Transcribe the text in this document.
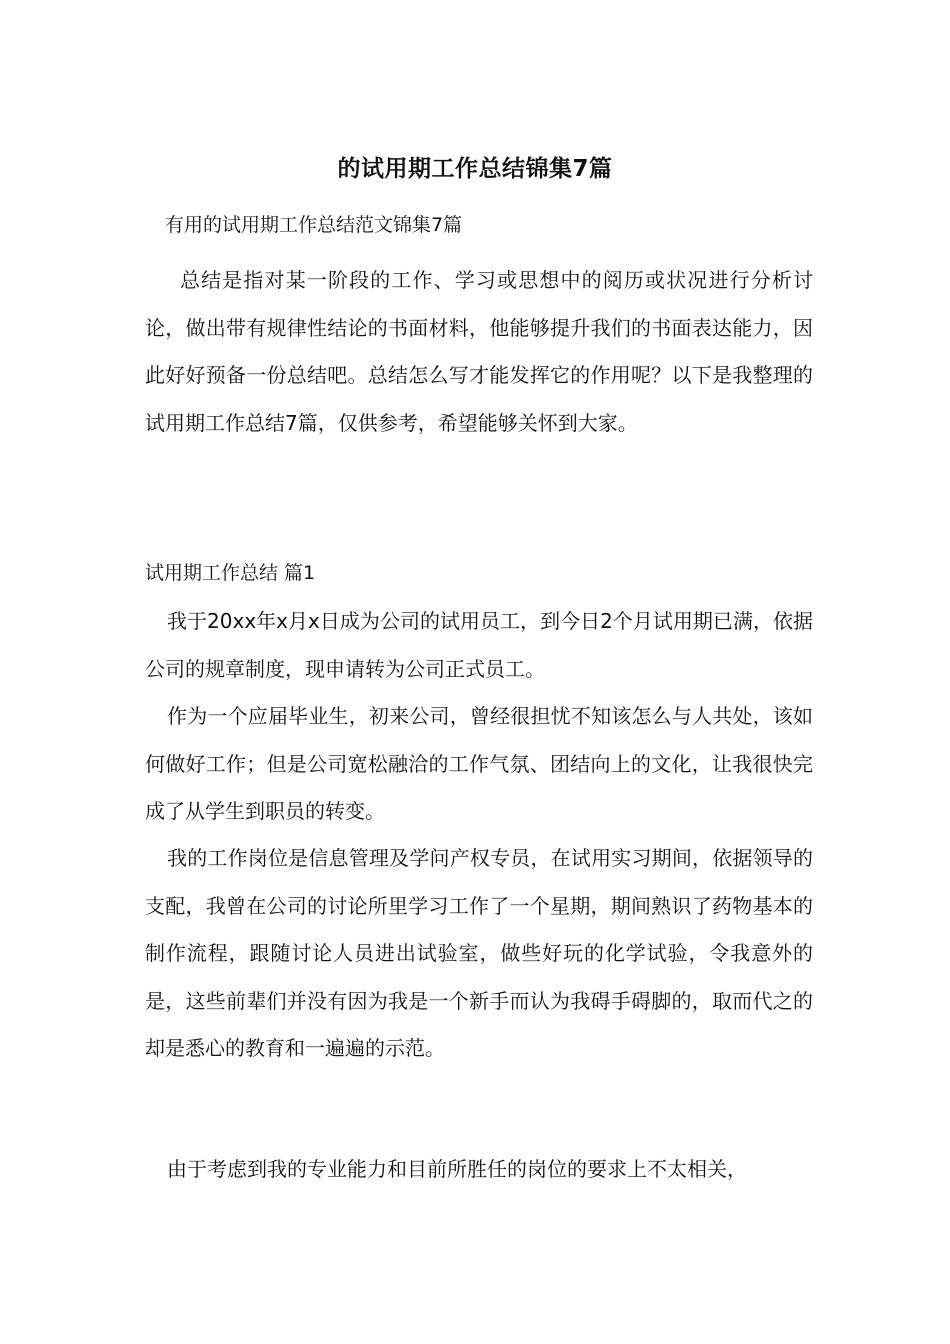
的试用期工作总结锦集7篇
有用的试用期工作总结范文锦集7篇

总结是指对某一阶段的工作、学习或思想中的阅历或状况进行分析讨论，做出带有规律性结论的书面材料，他能够提升我们的书面表达能力，因此好好预备一份总结吧。总结怎么写才能发挥它的作用呢？以下是我整理的试用期工作总结7篇，仅供参考，希望能够关怀到大家。

试用期工作总结 篇1

我于20xx年x月x日成为公司的试用员工，到今日2个月试用期已满，依据公司的规章制度，现申请转为公司正式员工。

作为一个应届毕业生，初来公司，曾经很担忧不知该怎么与人共处，该如何做好工作；但是公司宽松融洽的工作气氛、团结向上的文化，让我很快完成了从学生到职员的转变。

我的工作岗位是信息管理及学问产权专员，在试用实习期间，依据领导的支配，我曾在公司的讨论所里学习工作了一个星期，期间熟识了药物基本的制作流程，跟随讨论人员进出试验室，做些好玩的化学试验，令我意外的是，这些前辈们并没有因为我是一个新手而认为我碍手碍脚的，取而代之的却是悉心的教育和一遍遍的示范。

由于考虑到我的专业能力和目前所胜任的岗位的要求上不太相关，
